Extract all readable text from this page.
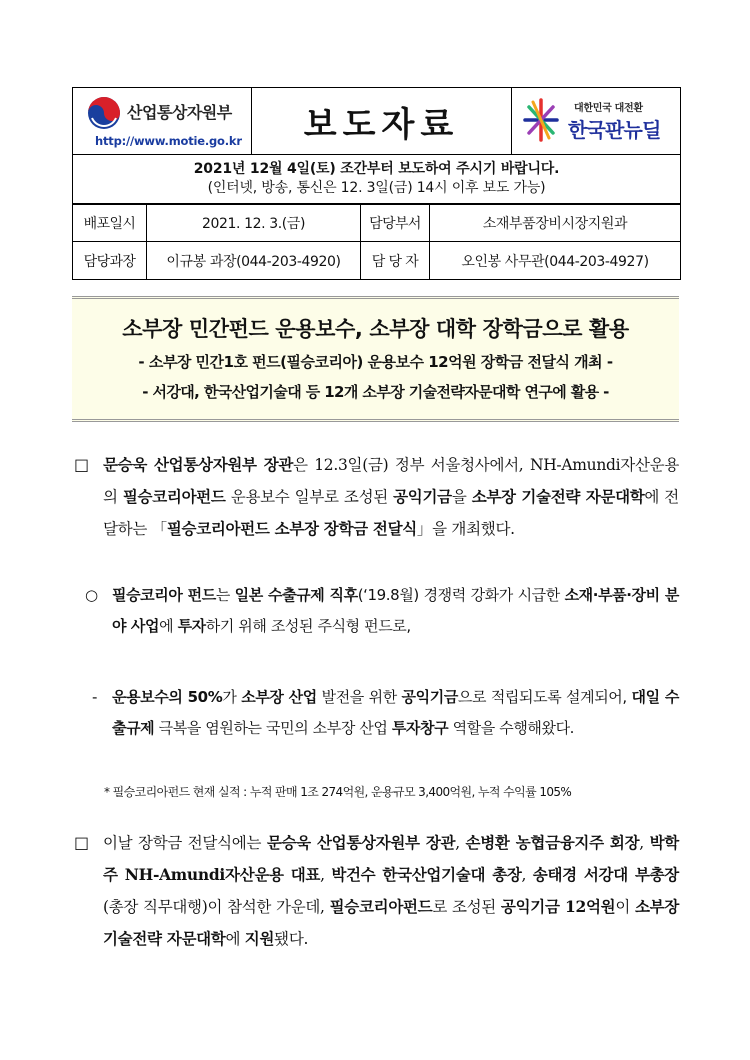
산업통상자원부
http://www.motie.go.kr	보도자료	대한민국 대전환
한국판뉴딜

2021년 12월 4일(토) 조간부터 보도하여 주시기 바랍니다.
(인터넷, 방송, 통신은 12. 3일(금) 14시 이후 보도 가능)
배포일시	2021. 12. 3.(금)	담당부서	소재부품장비시장지원과
담당과장	이규봉 과장(044-203-4920)	담 당 자	오인봉 사무관(044-203-4927)
소부장 민간펀드 운용보수, 소부장 대학 장학금으로 활용
- 소부장 민간1호 펀드(필승코리아) 운용보수 12억원 장학금 전달식 개최 -
- 서강대, 한국산업기술대 등 12개 소부장 기술전략자문대학 연구에 활용 -
□ 문승욱 산업통상자원부 장관은 12.3일(금) 정부 서울청사에서, NH-Amundi자산운용의 필승코리아펀드 운용보수 일부로 조성된 공익기금을 소부장 기술전략 자문대학에 전달하는 「필승코리아펀드 소부장 장학금 전달식」을 개최했다.
○ 필승코리아 펀드는 일본 수출규제 직후(‘19.8월) 경쟁력 강화가 시급한 소재·부품·장비 분야 사업에 투자하기 위해 조성된 주식형 펀드로,
- 운용보수의 50%가 소부장 산업 발전을 위한 공익기금으로 적립되도록 설계되어, 대일 수출규제 극복을 염원하는 국민의 소부장 산업 투자창구 역할을 수행해왔다.
* 필승코리아펀드 현재 실적 : 누적 판매 1조 274억원, 운용규모 3,400억원, 누적 수익률 105%
□ 이날 장학금 전달식에는 문승욱 산업통상자원부 장관, 손병환 농협금융지주 회장, 박학주 NH-Amundi자산운용 대표, 박건수 한국산업기술대 총장, 송태경 서강대 부총장(총장 직무대행)이 참석한 가운데, 필승코리아펀드로 조성된 공익기금 12억원이 소부장 기술전략 자문대학에 지원됐다.
